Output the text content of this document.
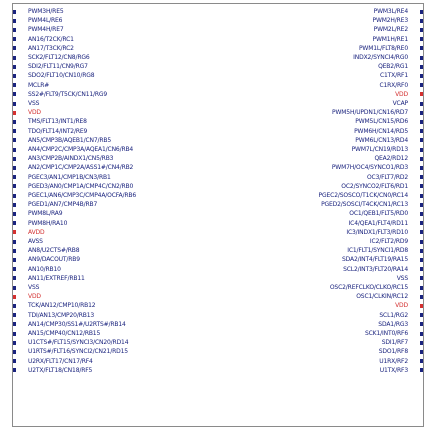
PWM3H/RE5
PWM4L/RE6
PWM4H/RE7
AN16/T2CK/RC1
AN17/T3CK/RC2
SCK2/FLT12/CN8/RG6
SDI2/FLT11/CN9/RG7
SDO2/FLT10/CN10/RG8
MCLR#
SS2#/FLT9/T5CK/CN11/RG9
VSS
VDD
TMS/FLT13/INT1/RE8
TDO/FLT14/INT2/RE9
AN5/CMP3B/AQEB1/CN7/RB5
AN4/CMP2C/CMP3A/AQEA1/CN6/RB4
AN3/CMP2B/AINDX1/CN5/RB3
AN2/CMP1C/CMP2A/ASS1#/CN4/RB2
PGEC3/AN1/CMP1B/CN3/RB1
PGED3/AN0/CMP1A/CMP4C/CN2/RB0
PGEC1/AN6/CMP3C/CMP4A/OCFA/RB6
PGED1/AN7/CMP4B/RB7
PWM8L/RA9
PWM8H/RA10
AVDD
AVSS
AN8/U2CTS#/RB8
AN9/DACOUT/RB9
AN10/RB10
AN11/EXTREF/RB11
VSS
VDD
TCK/AN12/CMP10/RB12
TDI/AN13/CMP20/RB13
AN14/CMP30/SS1#/U2RTS#/RB14
AN15/CMP40/CN12/RB15
U1CTS#/FLT15/SYNCI3/CN20/RD14
U1RTS#/FLT16/SYNCI2/CN21/RD15
U2RX/FLT17/CN17/RF4
U2TX/FLT18/CN18/RF5
PWM3L/RE4
PWM2H/RE3
PWM2L/RE2
PWM1H/RE1
PWM1L/FLT8/RE0
INDX2/SYNCI4/RG0
QEB2/RG1
C1TX/RF1
C1RX/RF0
VDD
VCAP
PWM5H/UPDN1/CN16/RD7
PWM5L/CN15/RD6
PWM6H/CN14/RD5
PWM6L/CN13/RD4
PWM7L/CN19/RD13
QEA2/RD12
PWM7H/OC4/SYNCO1/RD3
OC3/FLT7/RD2
OC2/SYNCO2/FLT6/RD1
PGEC2/SOSCO/T1CK/CN0/RC14
PGED2/SOSCI/T4CK/CN1/RC13
OC1/QEB1/FLT5/RD0
IC4/QEA1/FLT4/RD11
IC3/INDX1/FLT3/RD10
IC2/FLT2/RD9
IC1/FLT1/SYNCI1/RD8
SDA2/INT4/FLT19/RA15
SCL2/INT3/FLT20/RA14
VSS
OSC2/REFCLKO/CLKO/RC15
OSC1/CLKIN/RC12
VDD
SCL1/RG2
SDA1/RG3
SCK1/INT0/RF6
SDI1/RF7
SDO1/RF8
U1RX/RF2
U1TX/RF3
